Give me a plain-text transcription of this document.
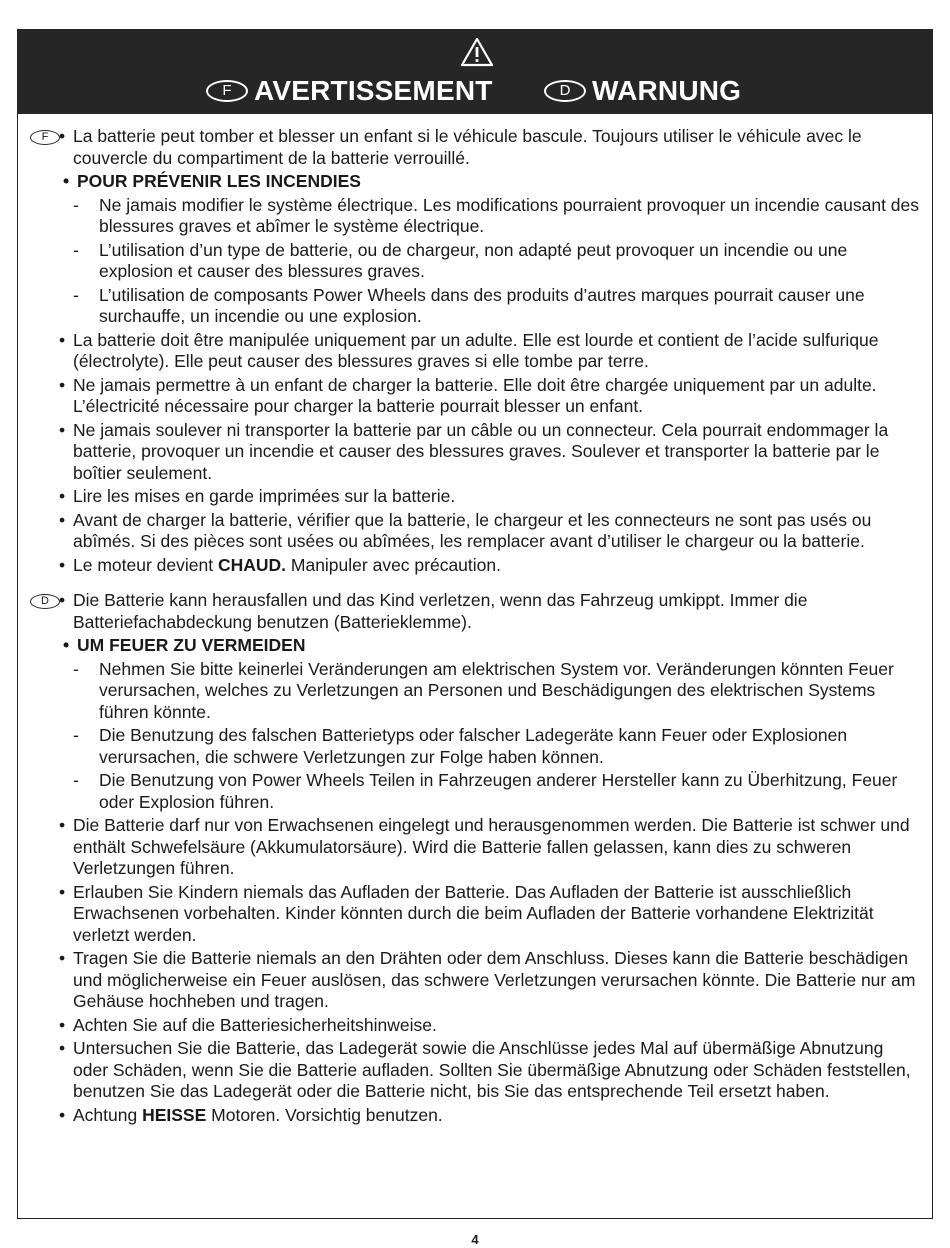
F AVERTISSEMENT	D WARNUNG
F • La batterie peut tomber et blesser un enfant si le véhicule bascule. Toujours utiliser le véhicule avec le couvercle du compartiment de la batterie verrouillé.
• POUR PRÉVENIR LES INCENDIES
- Ne jamais modifier le système électrique. Les modifications pourraient provoquer un incendie causant des blessures graves et abîmer le système électrique.
- L’utilisation d’un type de batterie, ou de chargeur, non adapté peut provoquer un incendie ou une explosion et causer des blessures graves.
- L’utilisation de composants Power Wheels dans des produits d’autres marques pourrait causer une surchauffe, un incendie ou une explosion.
• La batterie doit être manipulée uniquement par un adulte. Elle est lourde et contient de l’acide sulfurique (électrolyte). Elle peut causer des blessures graves si elle tombe par terre.
• Ne jamais permettre à un enfant de charger la batterie. Elle doit être chargée uniquement par un adulte. L’électricité nécessaire pour charger la batterie pourrait blesser un enfant.
• Ne jamais soulever ni transporter la batterie par un câble ou un connecteur. Cela pourrait endommager la batterie, provoquer un incendie et causer des blessures graves. Soulever et transporter la batterie par le boîtier seulement.
• Lire les mises en garde imprimées sur la batterie.
• Avant de charger la batterie, vérifier que la batterie, le chargeur et les connecteurs ne sont pas usés ou abîmés. Si des pièces sont usées ou abîmées, les remplacer avant d’utiliser le chargeur ou la batterie.
• Le moteur devient CHAUD. Manipuler avec précaution.
D • Die Batterie kann herausfallen und das Kind verletzen, wenn das Fahrzeug umkippt. Immer die Batteriefachabdeckung benutzen (Batterieklemme).
• UM FEUER ZU VERMEIDEN
- Nehmen Sie bitte keinerlei Veränderungen am elektrischen System vor. Veränderungen könnten Feuer verursachen, welches zu Verletzungen an Personen und Beschädigungen des elektrischen Systems führen könnte.
- Die Benutzung des falschen Batterietyps oder falscher Ladegeräte kann Feuer oder Explosionen verursachen, die schwere Verletzungen zur Folge haben können.
- Die Benutzung von Power Wheels Teilen in Fahrzeugen anderer Hersteller kann zu Überhitzung, Feuer oder Explosion führen.
• Die Batterie darf nur von Erwachsenen eingelegt und herausgenommen werden. Die Batterie ist schwer und enthält Schwefelsäure (Akkumulatorsäure). Wird die Batterie fallen gelassen, kann dies zu schweren Verletzungen führen.
• Erlauben Sie Kindern niemals das Aufladen der Batterie. Das Aufladen der Batterie ist ausschließlich Erwachsenen vorbehalten. Kinder könnten durch die beim Aufladen der Batterie vorhandene Elektrizität verletzt werden.
• Tragen Sie die Batterie niemals an den Drähten oder dem Anschluss. Dieses kann die Batterie beschädigen und möglicherweise ein Feuer auslösen, das schwere Verletzungen verursachen könnte. Die Batterie nur am Gehäuse hochheben und tragen.
• Achten Sie auf die Batteriesicherheitshinweise.
• Untersuchen Sie die Batterie, das Ladegerät sowie die Anschlüsse jedes Mal auf übermäßige Abnutzung oder Schäden, wenn Sie die Batterie aufladen. Sollten Sie übermäßige Abnutzung oder Schäden feststellen, benutzen Sie das Ladegerät oder die Batterie nicht, bis Sie das entsprechende Teil ersetzt haben.
• Achtung HEISSE Motoren. Vorsichtig benutzen.
4
